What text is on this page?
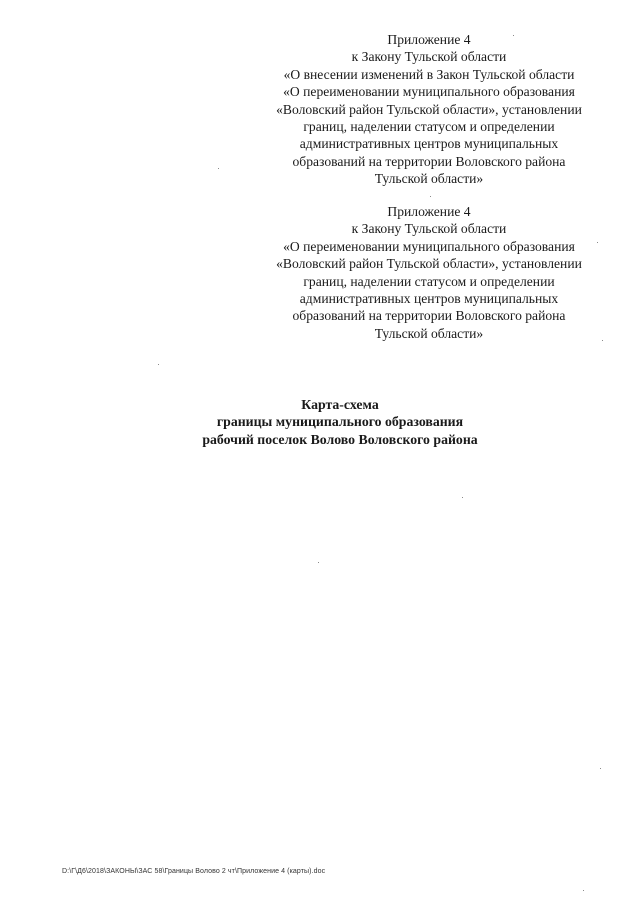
Приложение 4
к Закону Тульской области
«О внесении изменений в Закон Тульской области
«О переименовании муниципального образования
«Воловский район Тульской области», установлении
границ, наделении статусом и определении
административных центров муниципальных
образований на территории Воловского района
Тульской области»
Приложение 4
к Закону Тульской области
«О переименовании муниципального образования
«Воловский район Тульской области», установлении
границ, наделении статусом и определении
административных центров муниципальных
образований на территории Воловского района
Тульской области»
Карта-схема
границы муниципального образования
рабочий поселок Волово Воловского района
D:\Г\Д6\2018\ЗАКОНЫ\ЗАС 58\Границы Волово 2 чт\Приложение 4 (карты).doc
